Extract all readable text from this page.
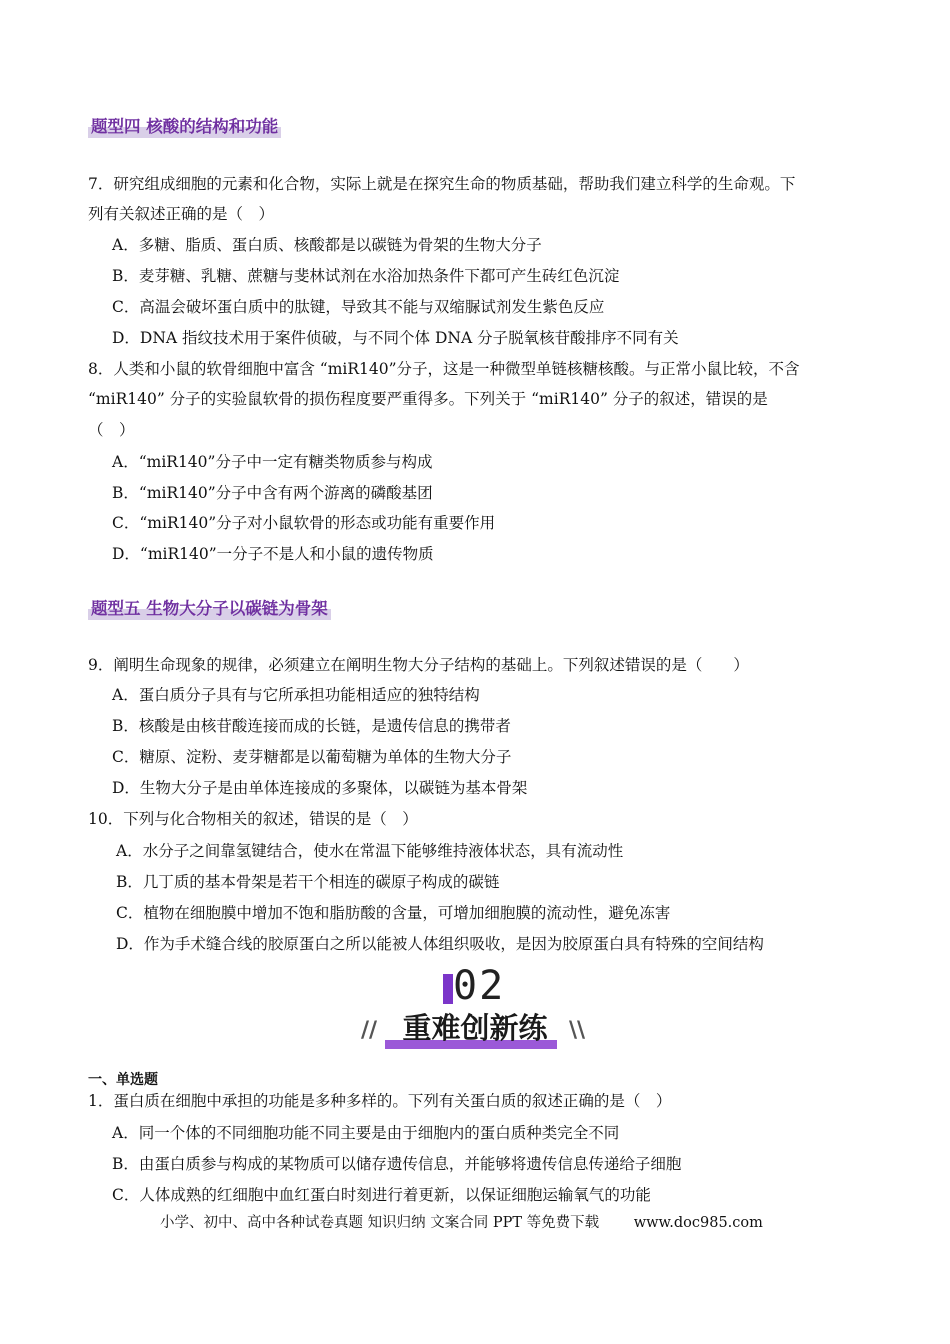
题型四 核酸的结构和功能
7．研究组成细胞的元素和化合物，实际上就是在探究生命的物质基础，帮助我们建立科学的生命观。下
列有关叙述正确的是（　）
A．多糖、脂质、蛋白质、核酸都是以碳链为骨架的生物大分子
B．麦芽糖、乳糖、蔗糖与斐林试剂在水浴加热条件下都可产生砖红色沉淀
C．高温会破坏蛋白质中的肽键，导致其不能与双缩脲试剂发生紫色反应
D．DNA 指纹技术用于案件侦破，与不同个体 DNA 分子脱氧核苷酸排序不同有关
8．人类和小鼠的软骨细胞中富含 “miR140”分子，这是一种微型单链核糖核酸。与正常小鼠比较，不含
“miR140” 分子的实验鼠软骨的损伤程度要严重得多。下列关于 “miR140” 分子的叙述，错误的是
（　）
A．“miR140”分子中一定有糖类物质参与构成
B．“miR140”分子中含有两个游离的磷酸基团
C．“miR140”分子对小鼠软骨的形态或功能有重要作用
D．“miR140”一分子不是人和小鼠的遗传物质
题型五 生物大分子以碳链为骨架
9．阐明生命现象的规律，必须建立在阐明生物大分子结构的基础上。下列叙述错误的是（　　）
A．蛋白质分子具有与它所承担功能相适应的独特结构
B．核酸是由核苷酸连接而成的长链，是遗传信息的携带者
C．糖原、淀粉、麦芽糖都是以葡萄糖为单体的生物大分子
D．生物大分子是由单体连接成的多聚体，以碳链为基本骨架
10．下列与化合物相关的叙述，错误的是（　）
A．水分子之间靠氢键结合，使水在常温下能够维持液体状态，具有流动性
B．几丁质的基本骨架是若干个相连的碳原子构成的碳链
C．植物在细胞膜中增加不饱和脂肪酸的含量，可增加细胞膜的流动性，避免冻害
D．作为手术缝合线的胶原蛋白之所以能被人体组织吸收，是因为胶原蛋白具有特殊的空间结构
02
// 重难创新练 \\
一、单选题
1．蛋白质在细胞中承担的功能是多种多样的。下列有关蛋白质的叙述正确的是（　）
A．同一个体的不同细胞功能不同主要是由于细胞内的蛋白质种类完全不同
B．由蛋白质参与构成的某物质可以储存遗传信息，并能够将遗传信息传递给子细胞
C．人体成熟的红细胞中血红蛋白时刻进行着更新，以保证细胞运输氧气的功能
小学、初中、高中各种试卷真题 知识归纳 文案合同 PPT 等免费下载 www.doc985.com
